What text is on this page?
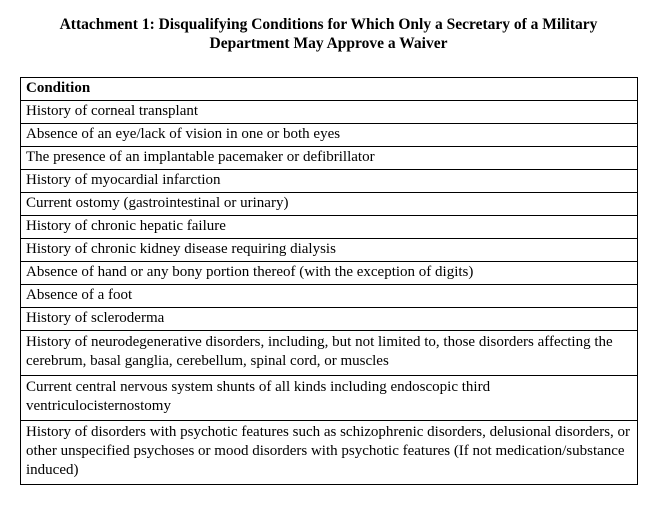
Attachment 1: Disqualifying Conditions for Which Only a Secretary of a Military
Department May Approve a Waiver
Condition
History of corneal transplant
Absence of an eye/lack of vision in one or both eyes
The presence of an implantable pacemaker or defibrillator
History of myocardial infarction
Current ostomy (gastrointestinal or urinary)
History of chronic hepatic failure
History of chronic kidney disease requiring dialysis
Absence of hand or any bony portion thereof (with the exception of digits)
Absence of a foot
History of scleroderma
History of neurodegenerative disorders, including, but not limited to, those disorders affecting the cerebrum, basal ganglia, cerebellum, spinal cord, or muscles
Current central nervous system shunts of all kinds including endoscopic third ventriculocisternostomy
History of disorders with psychotic features such as schizophrenic disorders, delusional disorders, or other unspecified psychoses or mood disorders with psychotic features (If not medication/substance induced)
